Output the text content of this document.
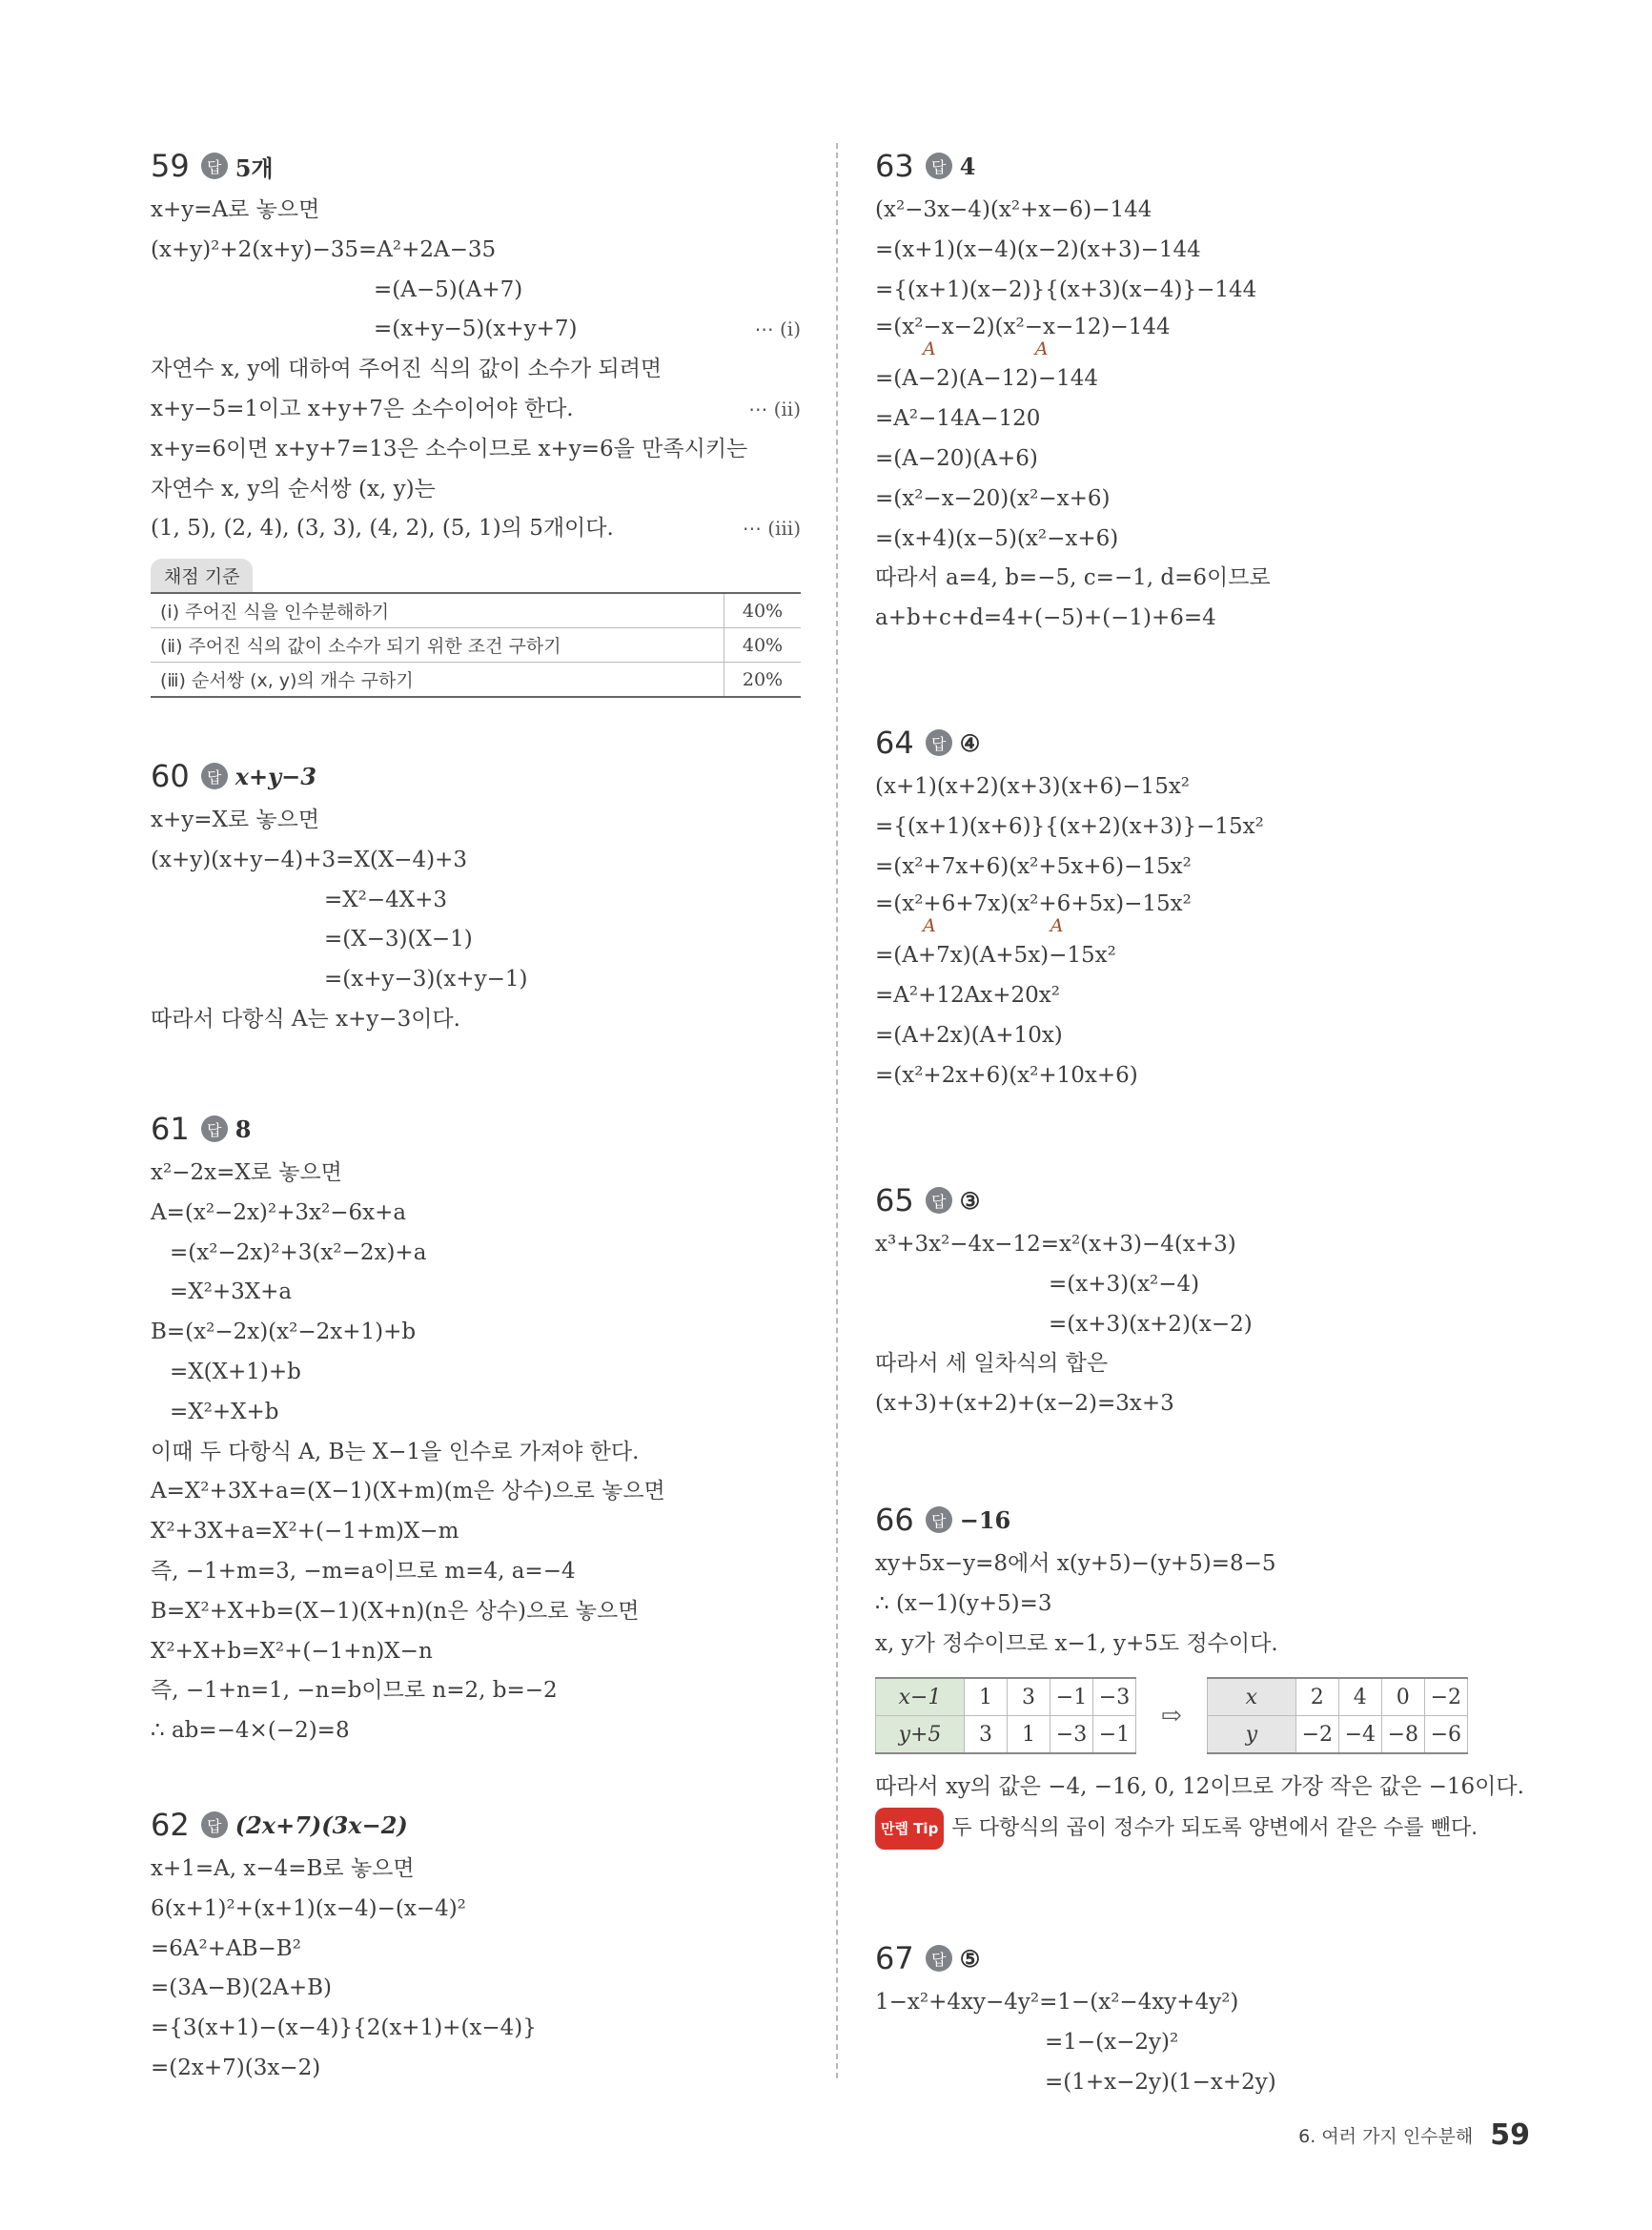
59	답 5개
x+y=A로 놓으면
(x+y)²+2(x+y)−35=A²+2A−35
=(A−5)(A+7)
=(x+y−5)(x+y+7)	⋯ (ⅰ)
자연수 x, y에 대하여 주어진 식의 값이 소수가 되려면
x+y−5=1이고 x+y+7은 소수이어야 한다.	⋯ (ⅱ)
x+y=6이면 x+y+7=13은 소수이므로 x+y=6을 만족시키는
자연수 x, y의 순서쌍 (x, y)는
(1, 5), (2, 4), (3, 3), (4, 2), (5, 1)의 5개이다.	⋯ (ⅲ)
채점 기준
(ⅰ) 주어진 식을 인수분해하기	40%
(ⅱ) 주어진 식의 값이 소수가 되기 위한 조건 구하기	40%
(ⅲ) 순서쌍 (x, y)의 개수 구하기	20%
60	답 x+y−3
x+y=X로 놓으면
(x+y)(x+y−4)+3=X(X−4)+3
=X²−4X+3
=(X−3)(X−1)
=(x+y−3)(x+y−1)
따라서 다항식 A는 x+y−3이다.
61	답 8
x²−2x=X로 놓으면
A=(x²−2x)²+3x²−6x+a
=(x²−2x)²+3(x²−2x)+a
=X²+3X+a
B=(x²−2x)(x²−2x+1)+b
=X(X+1)+b
=X²+X+b
이때 두 다항식 A, B는 X−1을 인수로 가져야 한다.
A=X²+3X+a=(X−1)(X+m)(m은 상수)으로 놓으면
X²+3X+a=X²+(−1+m)X−m
즉, −1+m=3, −m=a이므로 m=4, a=−4
B=X²+X+b=(X−1)(X+n)(n은 상수)으로 놓으면
X²+X+b=X²+(−1+n)X−n
즉, −1+n=1, −n=b이므로 n=2, b=−2
∴ ab=−4×(−2)=8
62	답 (2x+7)(3x−2)
x+1=A, x−4=B로 놓으면
6(x+1)²+(x+1)(x−4)−(x−4)²
=6A²+AB−B²
=(3A−B)(2A+B)
={3(x+1)−(x−4)}{2(x+1)+(x−4)}
=(2x+7)(3x−2)
63	답 4
(x²−3x−4)(x²+x−6)−144
=(x+1)(x−4)(x−2)(x+3)−144
={(x+1)(x−2)}{(x+3)(x−4)}−144
=(x²−x−2)(x²−x−12)−144
A	A
=(A−2)(A−12)−144
=A²−14A−120
=(A−20)(A+6)
=(x²−x−20)(x²−x+6)
=(x+4)(x−5)(x²−x+6)
따라서 a=4, b=−5, c=−1, d=6이므로
a+b+c+d=4+(−5)+(−1)+6=4
64	답 ④
(x+1)(x+2)(x+3)(x+6)−15x²
={(x+1)(x+6)}{(x+2)(x+3)}−15x²
=(x²+7x+6)(x²+5x+6)−15x²
=(x²+6+7x)(x²+6+5x)−15x²
A	A
=(A+7x)(A+5x)−15x²
=A²+12Ax+20x²
=(A+2x)(A+10x)
=(x²+2x+6)(x²+10x+6)
65	답 ③
x³+3x²−4x−12=x²(x+3)−4(x+3)
=(x+3)(x²−4)
=(x+3)(x+2)(x−2)
따라서 세 일차식의 합은
(x+3)+(x+2)+(x−2)=3x+3
66	답 −16
xy+5x−y=8에서 x(y+5)−(y+5)=8−5
∴ (x−1)(y+5)=3
x, y가 정수이므로 x−1, y+5도 정수이다.
x−1	1	3	−1	−3
y+5	3	1	−3	−1
⇨
x	2	4	0	−2
y	−2	−4	−8	−6
따라서 xy의 값은 −4, −16, 0, 12이므로 가장 작은 값은 −16이다.
만렙 Tip 두 다항식의 곱이 정수가 되도록 양변에서 같은 수를 뺀다.
67	답 ⑤
1−x²+4xy−4y²=1−(x²−4xy+4y²)
=1−(x−2y)²
=(1+x−2y)(1−x+2y)
6. 여러 가지 인수분해 59
